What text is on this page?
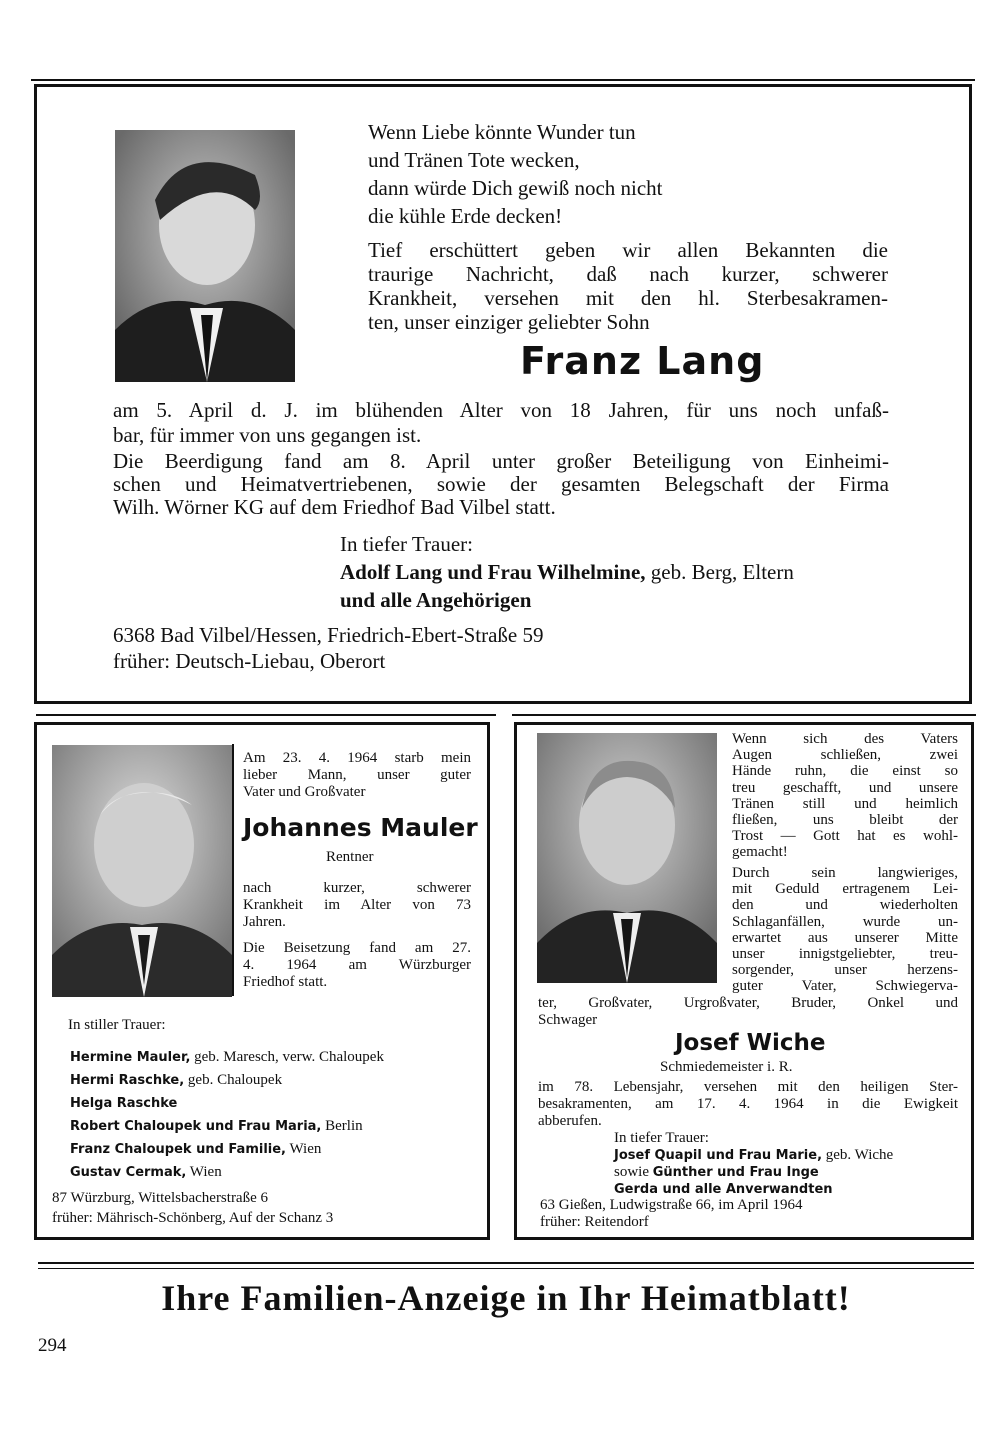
Wenn Liebe könnte Wunder tun
und Tränen Tote wecken,
dann würde Dich gewiß noch nicht
die kühle Erde decken!
Tief erschüttert geben wir allen Bekannten die
traurige Nachricht, daß nach kurzer, schwerer
Krankheit, versehen mit den hl. Sterbesakramen-
ten, unser einziger geliebter Sohn
Franz Lang
am 5. April d. J. im blühenden Alter von 18 Jahren, für uns noch unfaß-
bar, für immer von uns gegangen ist.
Die Beerdigung fand am 8. April unter großer Beteiligung von Einheimi-
schen und Heimatvertriebenen, sowie der gesamten Belegschaft der Firma
Wilh. Wörner KG auf dem Friedhof Bad Vilbel statt.
In tiefer Trauer:
Adolf Lang und Frau Wilhelmine, geb. Berg, Eltern
und alle Angehörigen
6368 Bad Vilbel/Hessen, Friedrich-Ebert-Straße 59
früher: Deutsch-Liebau, Oberort
Am 23. 4. 1964 starb mein
lieber Mann, unser guter
Vater und Großvater
Johannes Mauler
Rentner
nach kurzer, schwerer
Krankheit im Alter von 73
Jahren.
Die Beisetzung fand am 27.
4. 1964 am Würzburger
Friedhof statt.
In stiller Trauer:
Hermine Mauler, geb. Maresch, verw. Chaloupek
Hermi Raschke, geb. Chaloupek
Helga Raschke
Robert Chaloupek und Frau Maria, Berlin
Franz Chaloupek und Familie, Wien
Gustav Cermak, Wien
87 Würzburg, Wittelsbacherstraße 6
früher: Mährisch-Schönberg, Auf der Schanz 3
Wenn sich des Vaters
Augen schließen, zwei
Hände ruhn, die einst so
treu geschafft, und unsere
Tränen still und heimlich
fließen, uns bleibt der
Trost — Gott hat es wohl-
gemacht!
Durch sein langwieriges,
mit Geduld ertragenem Lei-
den und wiederholten
Schlaganfällen, wurde un-
erwartet aus unserer Mitte
unser innigstgeliebter, treu-
sorgender, unser herzens-
guter Vater, Schwiegerva-
ter, Großvater, Urgroßvater, Bruder, Onkel und
Schwager
Josef Wiche
Schmiedemeister i. R.
im 78. Lebensjahr, versehen mit den heiligen Ster-
besakramenten, am 17. 4. 1964 in die Ewigkeit
abberufen.
In tiefer Trauer:
Josef Quapil und Frau Marie, geb. Wiche
sowie Günther und Frau Inge
Gerda und alle Anverwandten
63 Gießen, Ludwigstraße 66, im April 1964
früher: Reitendorf
Ihre Familien-Anzeige in Ihr Heimatblatt!
294
